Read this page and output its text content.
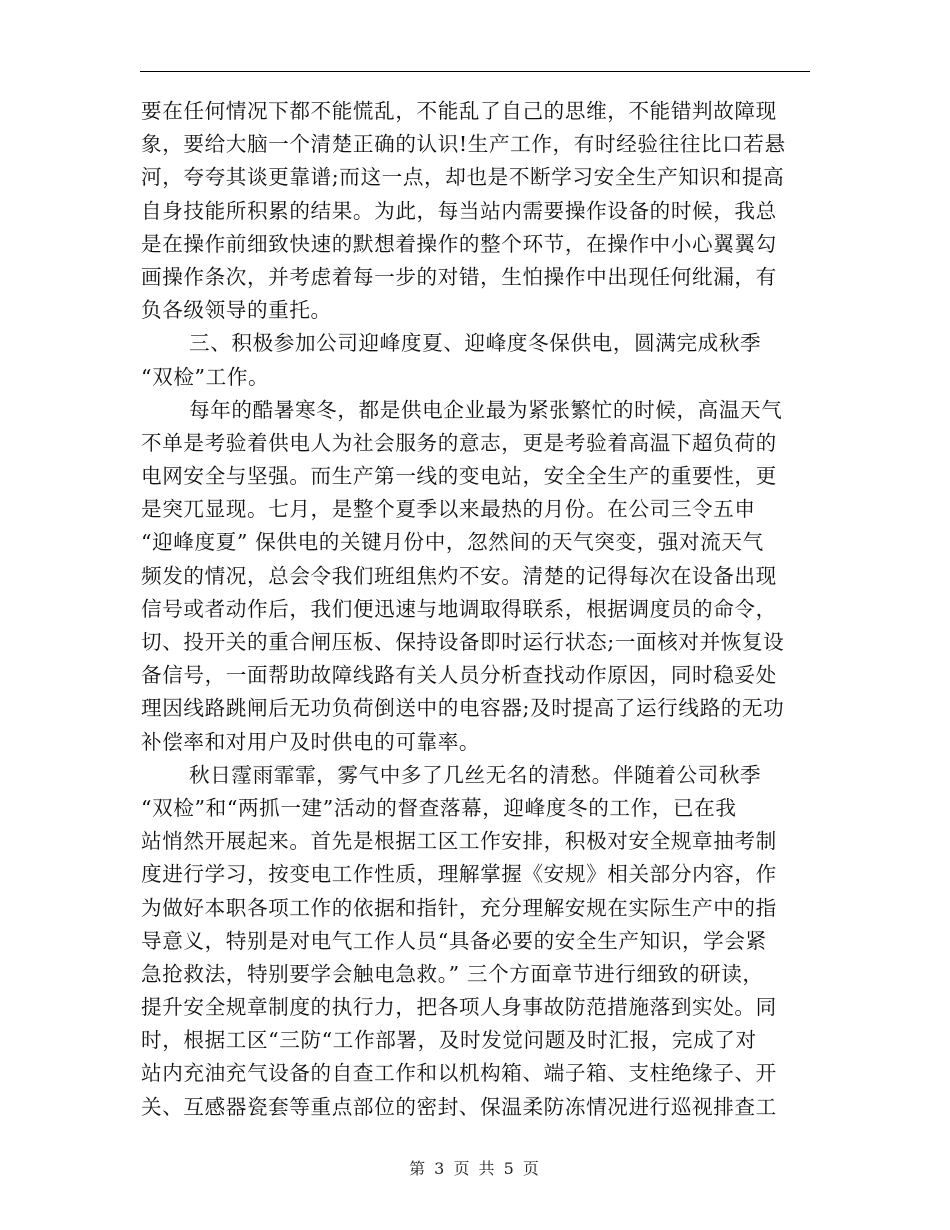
要在任何情况下都不能慌乱，不能乱了自己的思维，不能错判故障现
象，要给大脑一个清楚正确的认识!生产工作，有时经验往往比口若悬
河，夸夸其谈更靠谱;而这一点，却也是不断学习安全生产知识和提高
自身技能所积累的结果。为此，每当站内需要操作设备的时候，我总
是在操作前细致快速的默想着操作的整个环节，在操作中小心翼翼勾
画操作条次，并考虑着每一步的对错，生怕操作中出现任何纰漏，有
负各级领导的重托。
三、积极参加公司迎峰度夏、迎峰度冬保供电，圆满完成秋季
“双检”工作。
每年的酷暑寒冬，都是供电企业最为紧张繁忙的时候，高温天气
不单是考验着供电人为社会服务的意志，更是考验着高温下超负荷的
电网安全与坚强。而生产第一线的变电站，安全全生产的重要性，更
是突兀显现。七月，是整个夏季以来最热的月份。在公司三令五申
“迎峰度夏” 保供电的关键月份中，忽然间的天气突变，强对流天气
频发的情况，总会令我们班组焦灼不安。清楚的记得每次在设备出现
信号或者动作后，我们便迅速与地调取得联系，根据调度员的命令，
切、投开关的重合闸压板、保持设备即时运行状态;一面核对并恢复设
备信号，一面帮助故障线路有关人员分析查找动作原因，同时稳妥处
理因线路跳闸后无功负荷倒送中的电容器;及时提高了运行线路的无功
补偿率和对用户及时供电的可靠率。
秋日霪雨霏霏，雾气中多了几丝无名的清愁。伴随着公司秋季
“双检”和“两抓一建”活动的督查落幕，迎峰度冬的工作，已在我
站悄然开展起来。首先是根据工区工作安排，积极对安全规章抽考制
度进行学习，按变电工作性质，理解掌握《安规》相关部分内容，作
为做好本职各项工作的依据和指针，充分理解安规在实际生产中的指
导意义，特别是对电气工作人员“具备必要的安全生产知识，学会紧
急抢救法，特别要学会触电急救。” 三个方面章节进行细致的研读，
提升安全规章制度的执行力，把各项人身事故防范措施落到实处。同
时，根据工区“三防“工作部署，及时发觉问题及时汇报，完成了对
站内充油充气设备的自查工作和以机构箱、端子箱、支柱绝缘子、开
关、互感器瓷套等重点部位的密封、保温柔防冻情况进行巡视排查工
第 3 页 共 5 页
